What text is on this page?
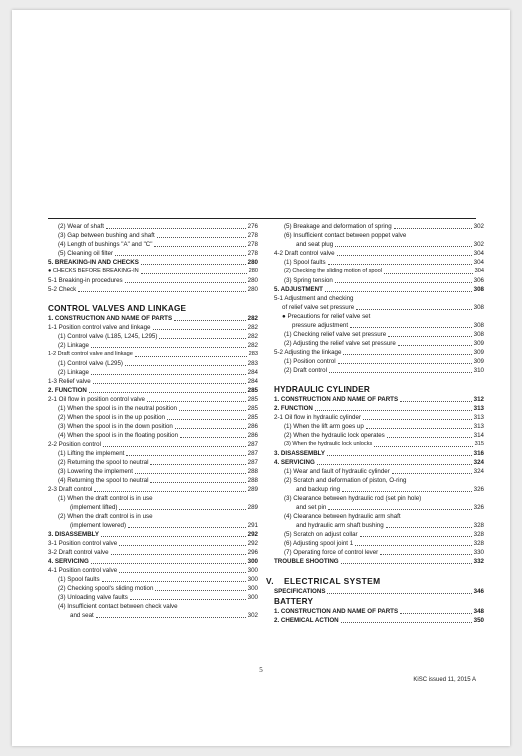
(2) Wear of shaft	276
(3) Gap between bushing and shaft	278
(4) Length of bushings "A" and "C"	278
(5) Cleaning oil filter	278
5. BREAKING-IN AND CHECKS	280
● CHECKS BEFORE BREAKING-IN	280
5-1 Breaking-in procedures	280
5-2 Check	280
CONTROL VALVES AND LINKAGE
1. CONSTRUCTION AND NAME OF PARTS	282
1-1 Position control valve and linkage	282
(1) Control valve (L185, L245, L295)	282
(2) Linkage	282
1-2 Draft control valve and linkage	283
(1) Control valve (L295)	283
(2) Linkage	284
1-3 Relief valve	284
2. FUNCTION	285
2-1 Oil flow in position control valve	285
(1) When the spool is in the neutral position	285
(2) When the spool is in the up position	285
(3) When the spool is in the down position	286
(4) When the spool is in the floating position	286
2-2 Position control	287
(1) Lifting the implement	287
(2) Returning the spool to neutral	287
(3) Lowering the implement	288
(4) Returning the spool to neutral	288
2-3 Draft control	289
(1) When the draft control is in use
(implement lifted)	289
(2) When the draft control is in use
(implement lowered)	291
3. DISASSEMBLY	292
3-1 Position control valve	292
3-2 Draft control valve	296
4. SERVICING	300
4-1 Position control valve	300
(1) Spool faults	300
(2) Checking spool's sliding motion	300
(3) Unloading valve faults	300
(4) Insufficient contact between check valve
and seat	302
(5) Breakage and deformation of spring	302
(6) Insufficient contact between poppet valve
and seat plug	302
4-2 Draft control valve	304
(1) Spool faults	304
(2) Checking the sliding motion of spool	304
(3) Spring tension	306
5. ADJUSTMENT	308
5-1 Adjustment and checking
of relief valve set pressure	308
● Precautions for relief valve set
pressure adjustment	308
(1) Checking relief valve set pressure	308
(2) Adjusting the relief valve set pressure	309
5-2 Adjusting the linkage	309
(1) Position control	309
(2) Draft control	310
HYDRAULIC CYLINDER
1. CONSTRUCTION AND NAME OF PARTS	312
2. FUNCTION	313
2-1 Oil flow in hydraulic cylinder	313
(1) When the lift arm goes up	313
(2) When the hydraulic lock operates	314
(3) When the hydraulic lock unlocks	315
3. DISASSEMBLY	316
4. SERVICING	324
(1) Wear and fault of hydraulic cylinder	324
(2) Scratch and deformation of piston, O-ring
and backup ring	326
(3) Clearance between hydraulic rod (set pin hole)
and set pin	326
(4) Clearance between hydraulic arm shaft
and hydraulic arm shaft bushing	328
(5) Scratch on adjust collar	328
(6) Adjusting spool joint 1	328
(7) Operating force of control lever	330
TROUBLE SHOOTING	332
V.	ELECTRICAL SYSTEM
SPECIFICATIONS	346
BATTERY
1. CONSTRUCTION AND NAME OF PARTS	348
2. CHEMICAL ACTION	350
5
KiSC issued 11, 2015 A
